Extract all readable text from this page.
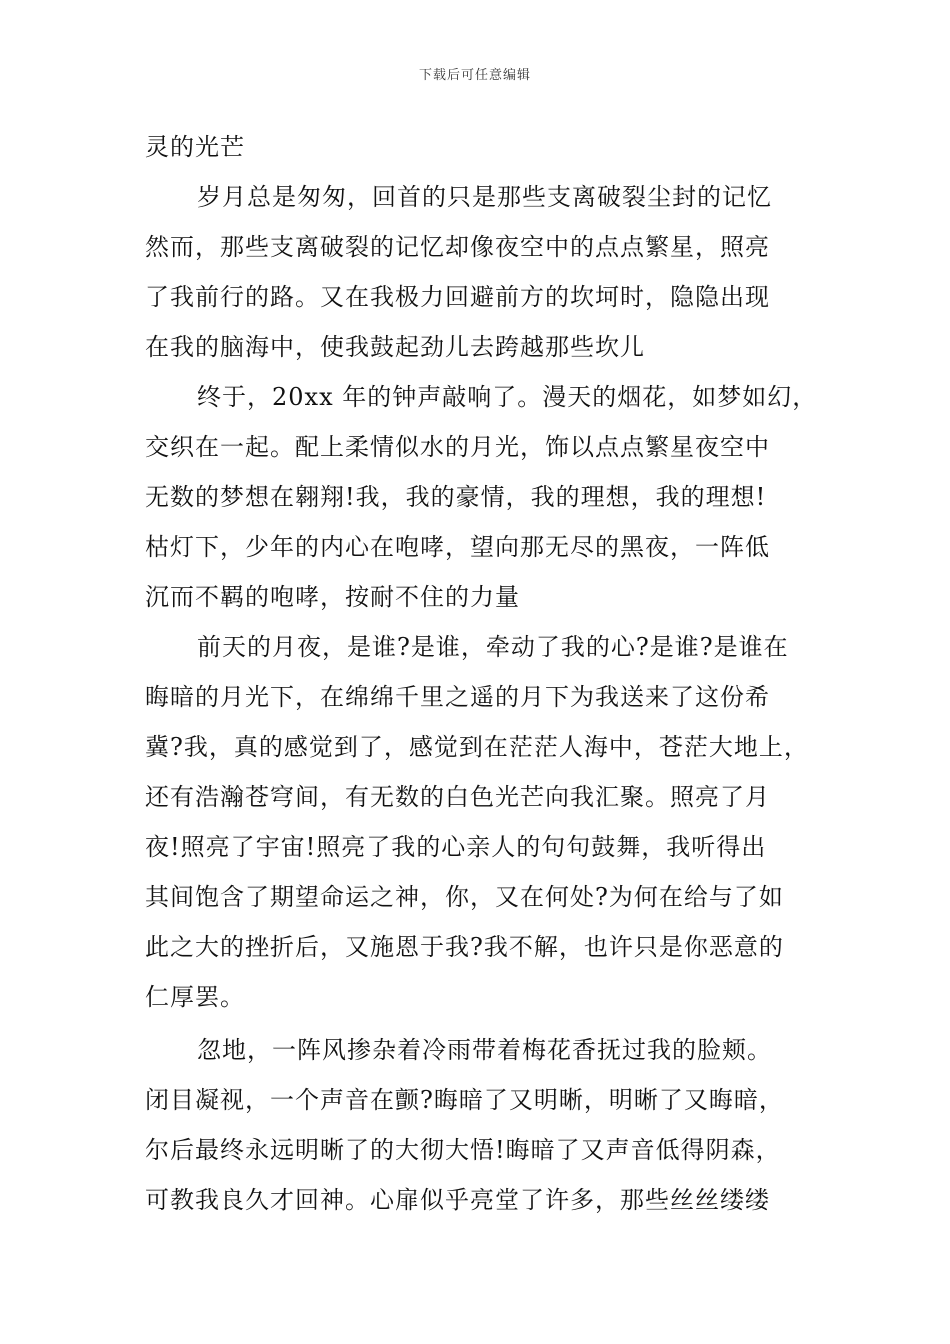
下载后可任意编辑
灵的光芒
岁月总是匆匆，回首的只是那些支离破裂尘封的记忆
然而，那些支离破裂的记忆却像夜空中的点点繁星，照亮
了我前行的路。又在我极力回避前方的坎坷时，隐隐出现
在我的脑海中，使我鼓起劲儿去跨越那些坎儿
终于，20xx 年的钟声敲响了。漫天的烟花，如梦如幻，
交织在一起。配上柔情似水的月光，饰以点点繁星夜空中
无数的梦想在翱翔!我，我的豪情，我的理想，我的理想!
枯灯下，少年的内心在咆哮，望向那无尽的黑夜，一阵低
沉而不羁的咆哮，按耐不住的力量
前天的月夜，是谁?是谁，牵动了我的心?是谁?是谁在
晦暗的月光下，在绵绵千里之遥的月下为我送来了这份希
冀?我，真的感觉到了，感觉到在茫茫人海中，苍茫大地上，
还有浩瀚苍穹间，有无数的白色光芒向我汇聚。照亮了月
夜!照亮了宇宙!照亮了我的心亲人的句句鼓舞，我听得出
其间饱含了期望命运之神，你，又在何处?为何在给与了如
此之大的挫折后，又施恩于我?我不解，也许只是你恶意的
仁厚罢。
忽地，一阵风掺杂着冷雨带着梅花香抚过我的脸颊。
闭目凝视，一个声音在颤?晦暗了又明晰，明晰了又晦暗，
尔后最终永远明晰了的大彻大悟!晦暗了又声音低得阴森，
可教我良久才回神。心扉似乎亮堂了许多，那些丝丝缕缕
